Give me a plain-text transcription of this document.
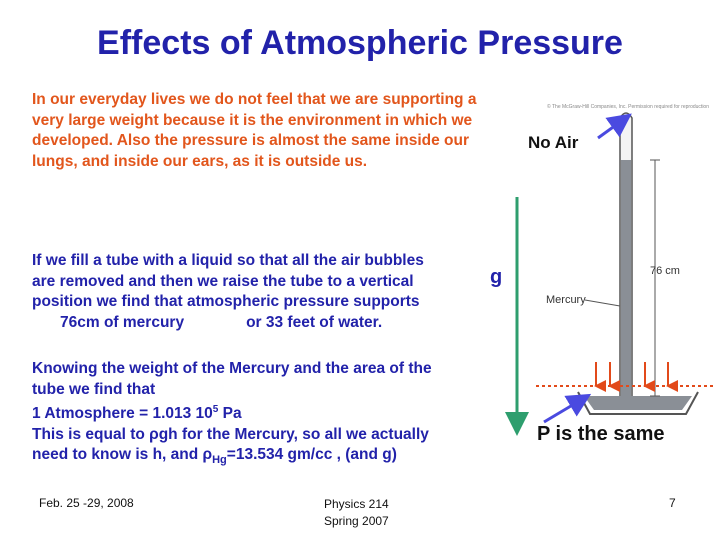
Effects of Atmospheric Pressure
In our everyday lives we do not feel that we are supporting a very large weight because it is the environment in which we developed. Also the pressure is almost the same inside our lungs, and inside our ears, as it is outside us.
If we fill a tube with a liquid so that all the air bubbles
are removed and then we raise the tube to a vertical
position we find that atmospheric pressure supports
76cm of mercury	or 33 feet of water.
g
Knowing the weight of the Mercury and the area of the
tube we find that
1 Atmosphere = 1.013 $10^5$ Pa
This is equal to ρgh for the Mercury, so all we actually
need to know is h, and $\rho_{Hg}=13.534$ gm/cc , (and g)
© The McGraw-Hill Companies, Inc. Permission required for reproduction
No Air
76 cm
Mercury
P is the same
Feb. 25 -29, 2008	Physics 214
Spring 2007
7
